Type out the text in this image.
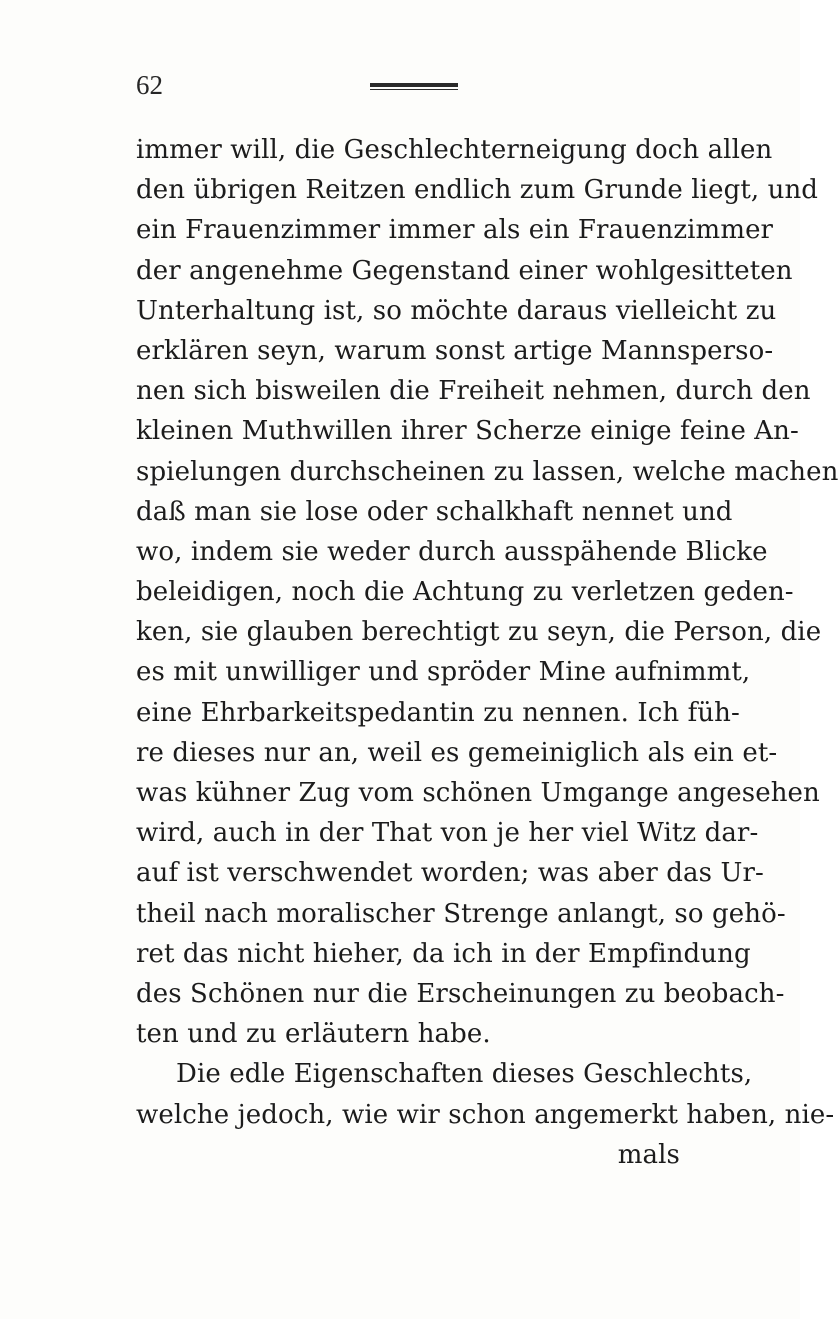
62
immer will, die Geschlechterneigung doch allen
den übrigen Reitzen endlich zum Grunde liegt, und
ein Frauenzimmer immer als ein Frauenzimmer
der angenehme Gegenstand einer wohlgesitteten
Unterhaltung ist, so möchte daraus vielleicht zu
erklären seyn, warum sonst artige Mannsperso-
nen sich bisweilen die Freiheit nehmen, durch den
kleinen Muthwillen ihrer Scherze einige feine An-
spielungen durchscheinen zu lassen, welche machen
daß man sie lose oder schalkhaft nennet und
wo, indem sie weder durch ausspähende Blicke
beleidigen, noch die Achtung zu verletzen geden-
ken, sie glauben berechtigt zu seyn, die Person, die
es mit unwilliger und spröder Mine aufnimmt,
eine Ehrbarkeitspedantin zu nennen. Ich füh-
re dieses nur an, weil es gemeiniglich als ein et-
was kühner Zug vom schönen Umgange angesehen
wird, auch in der That von je her viel Witz dar-
auf ist verschwendet worden; was aber das Ur-
theil nach moralischer Strenge anlangt, so gehö-
ret das nicht hieher, da ich in der Empfindung
des Schönen nur die Erscheinungen zu beobach-
ten und zu erläutern habe.
Die edle Eigenschaften dieses Geschlechts,
welche jedoch, wie wir schon angemerkt haben, nie-
mals
